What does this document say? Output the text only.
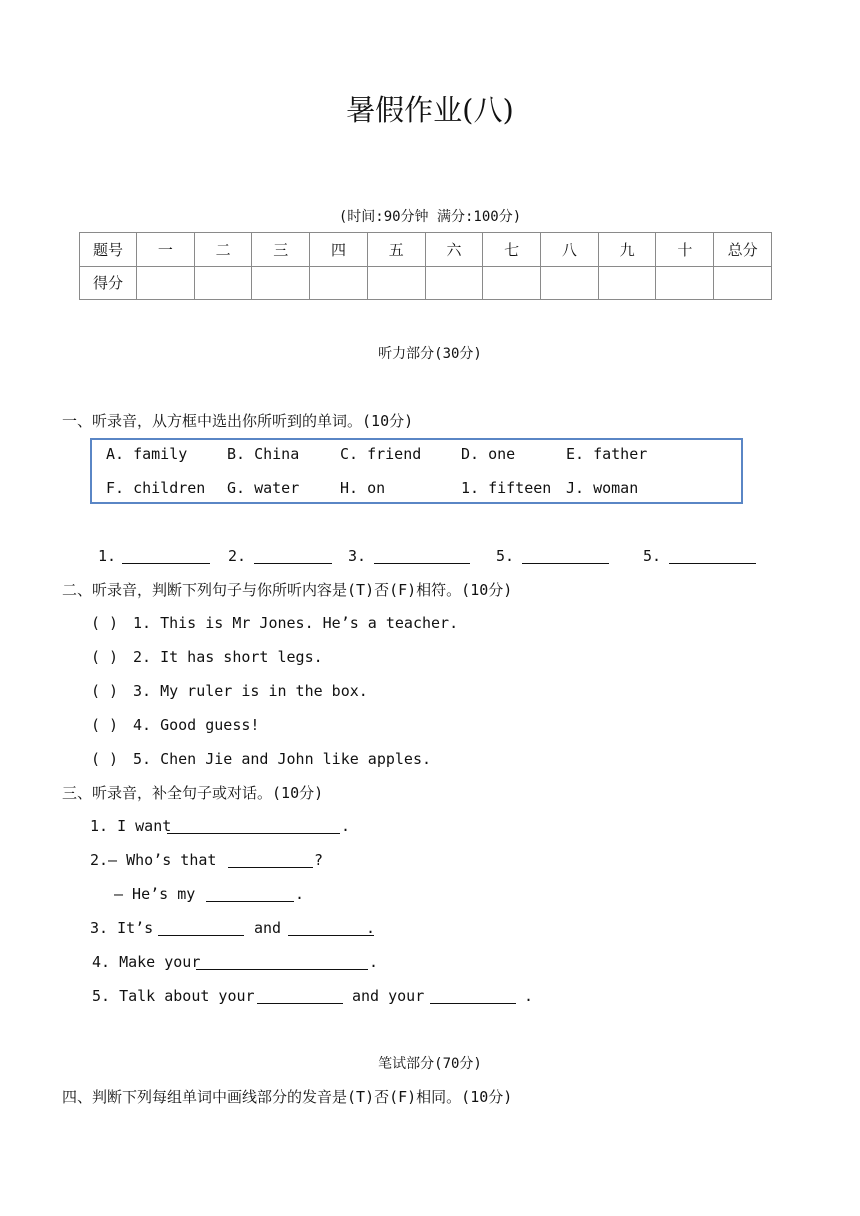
暑假作业(八)
(时间:90分钟 满分:100分)
题号	一	二	三	四	五	六	七	八	九	十	总分
得分											
听力部分(30分)
一、听录音，从方框中选出你所听到的单词。(10分)
A. family	B. China	C. friend	D. one	E. father
F. children G. water	H. on	1. fifteen J. woman
1.	2.	3.	5.	5.
二、听录音，判断下列句子与你所听内容是(T)否(F)相符。(10分)
( ) 1. This is Mr Jones. He’s a teacher.
( ) 2. It has short legs.
( ) 3. My ruler is in the box.
( ) 4. Good guess!
( ) 5. Chen Jie and John like apples.
三、听录音，补全句子或对话。(10分)
1. I want	.
2.— Who’s that	?
— He’s my	.
3. It’s	and	.
4. Make your	.
5. Talk about your	and your	.
笔试部分(70分)
四、判断下列每组单词中画线部分的发音是(T)否(F)相同。(10分)
